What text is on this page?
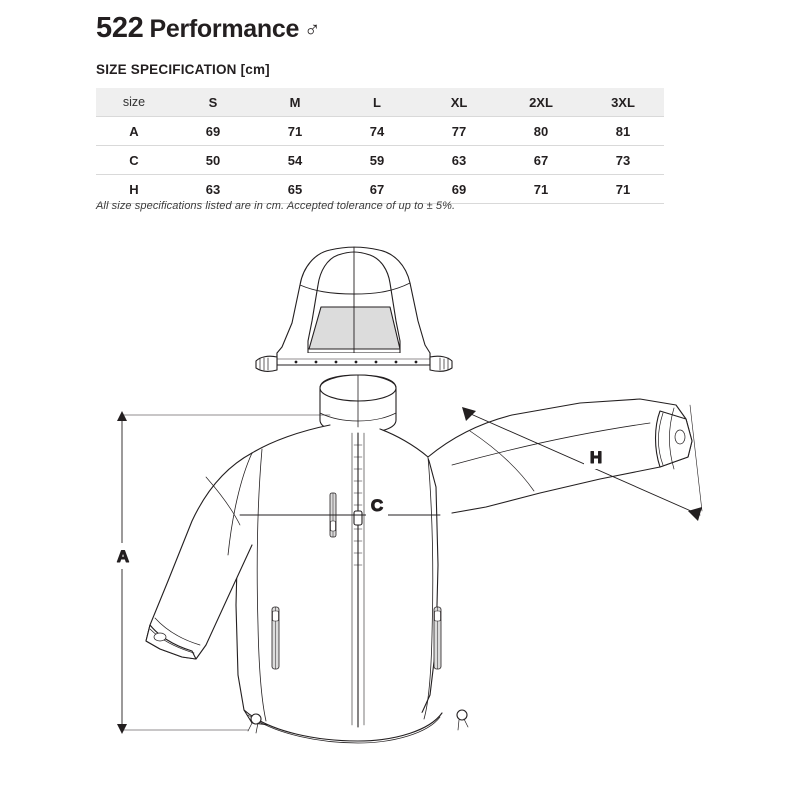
522 Performance ♂
SIZE SPECIFICATION [cm]
size	S	M	L	XL	2XL	3XL
A	69	71	74	77	80	81
C	50	54	59	63	67	73
H	63	65	67	69	71	71
All size specifications listed are in cm. Accepted tolerance of up to ± 5%.
A
C
H
